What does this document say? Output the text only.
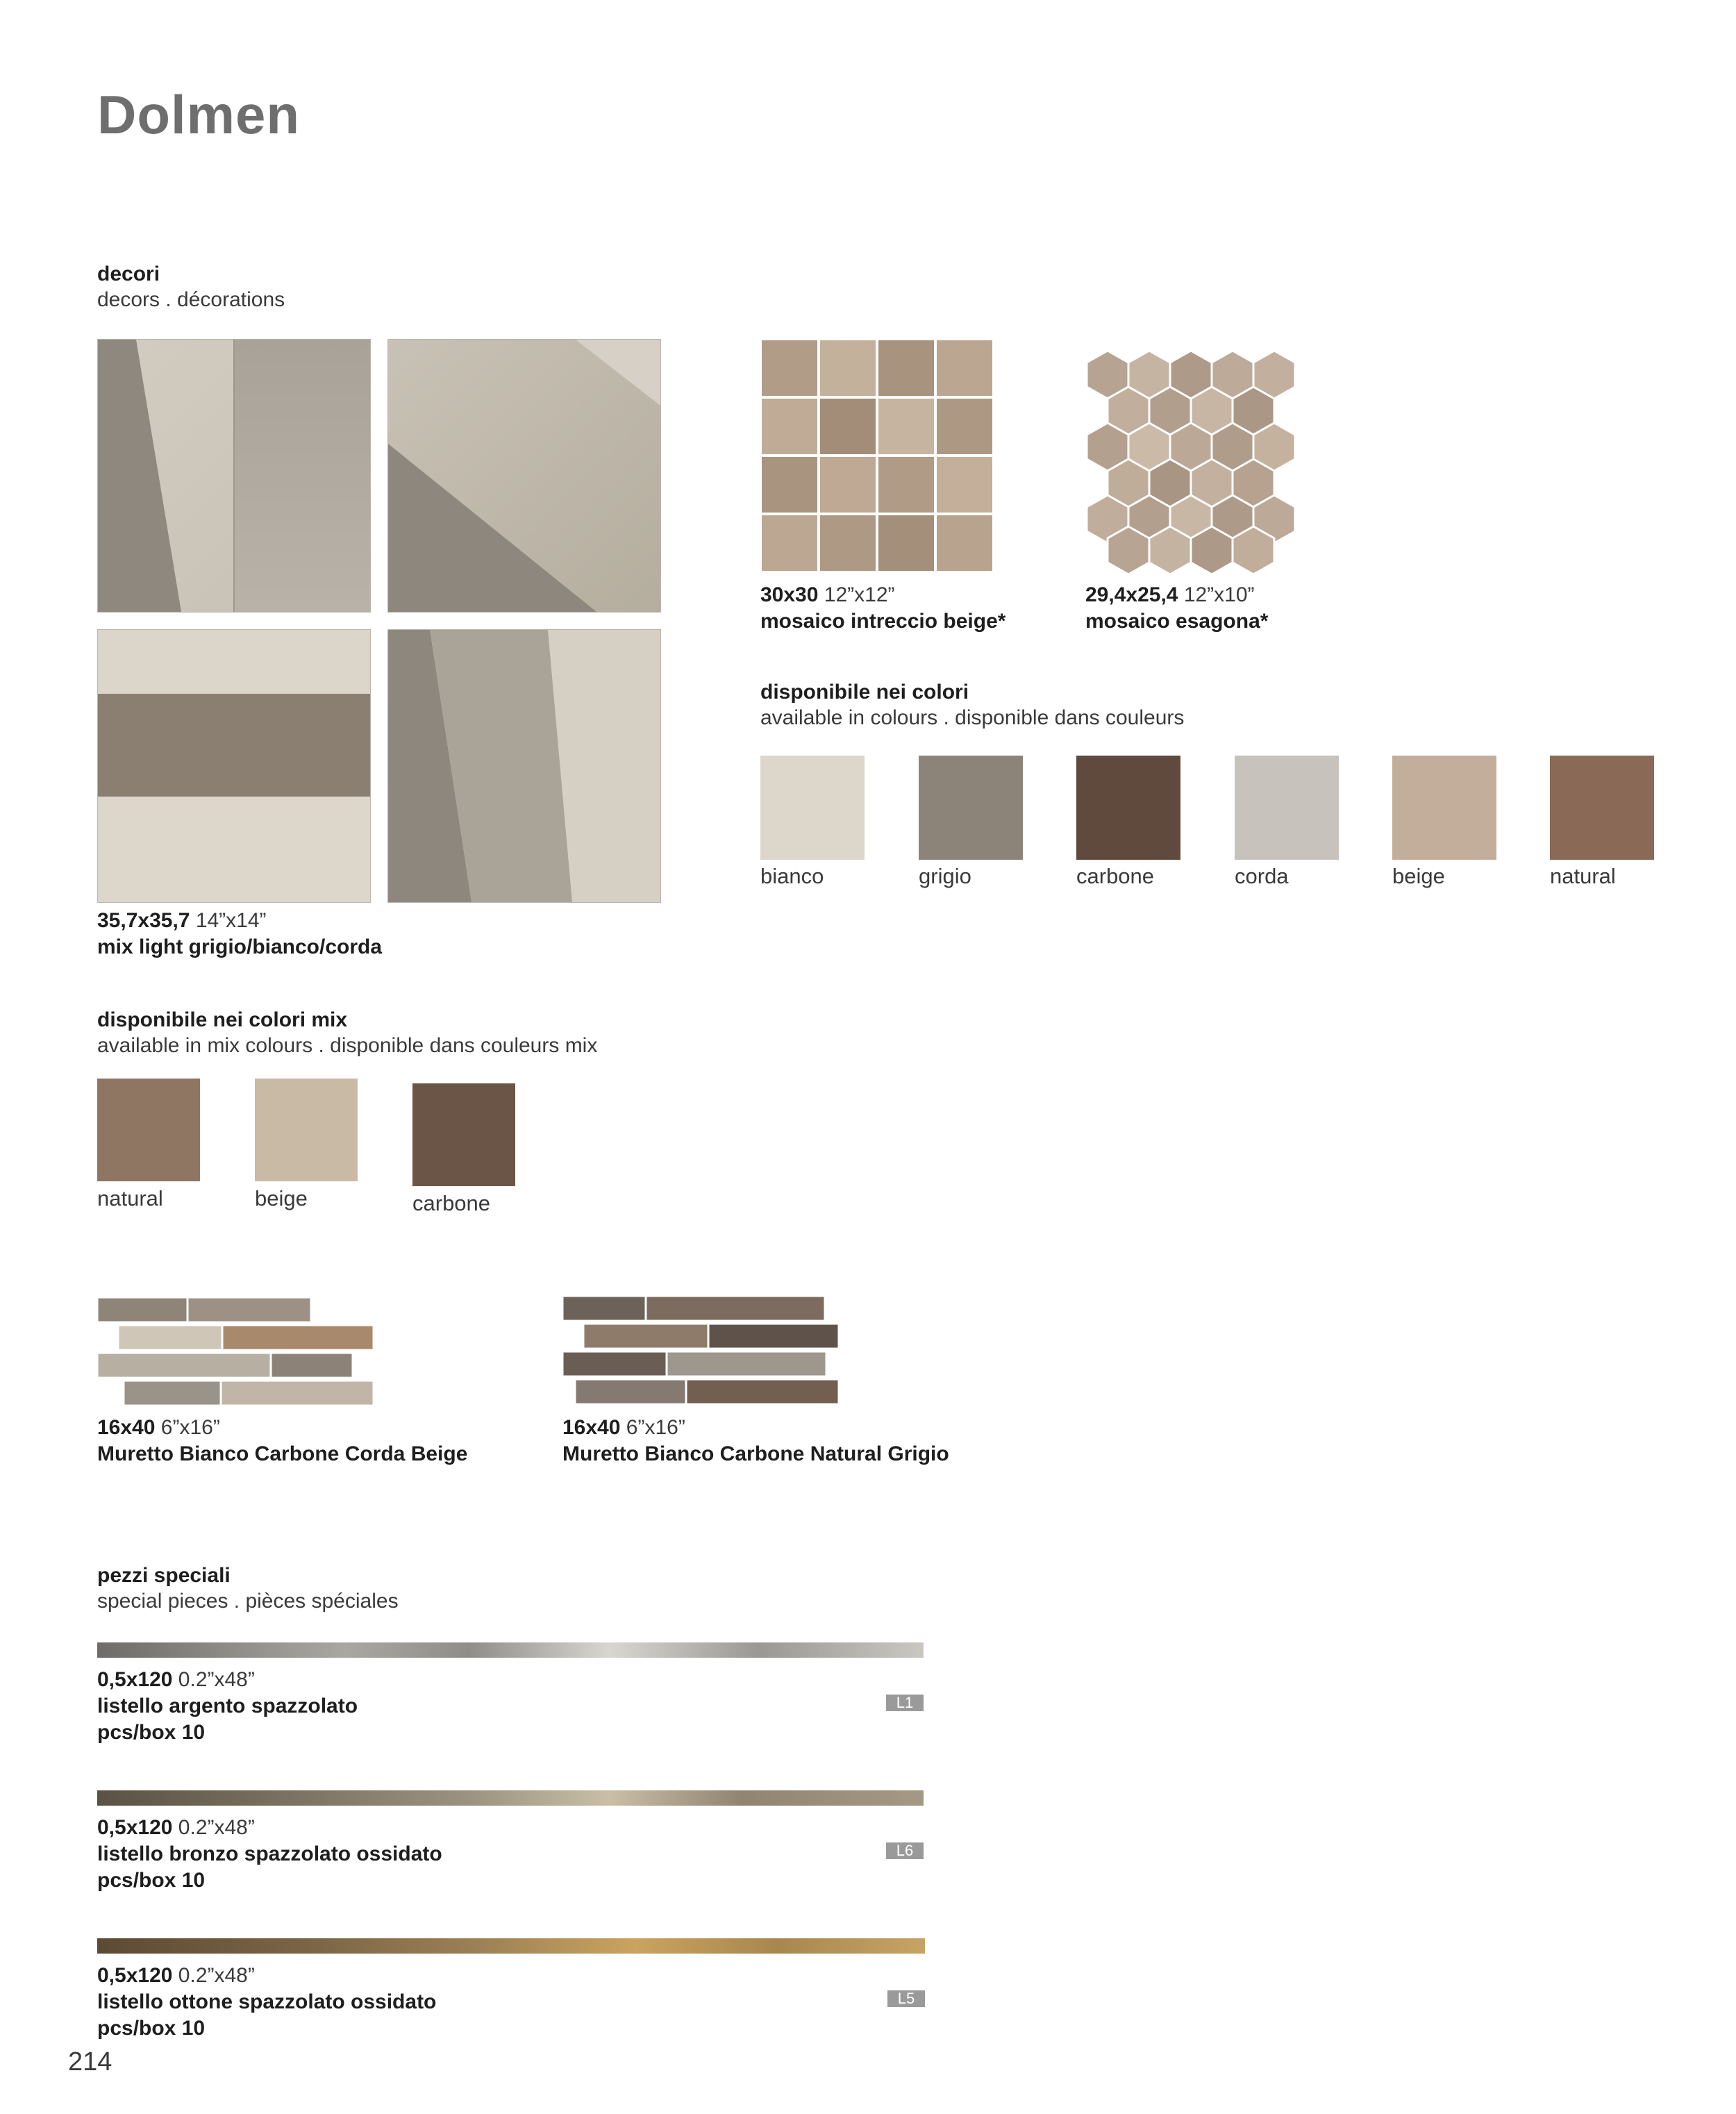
Dolmen
decori
decors . décorations
35,7x35,7 14”x14”
mix light grigio/bianco/corda
30x30 12”x12”
mosaico intreccio beige*
29,4x25,4 12”x10”
mosaico esagona*
disponibile nei colori
available in colours . disponible dans couleurs
bianco	grigio	carbone	corda	beige	natural
disponibile nei colori mix
available in mix colours . disponible dans couleurs mix
natural	beige	carbone
16x40 6”x16”
Muretto Bianco Carbone Corda Beige
16x40 6”x16”
Muretto Bianco Carbone Natural Grigio
pezzi speciali
special pieces . pièces spéciales
0,5x120 0.2”x48”
listello argento spazzolato
pcs/box 10
L1
0,5x120 0.2”x48”
listello bronzo spazzolato ossidato
pcs/box 10
L6
0,5x120 0.2”x48”
listello ottone spazzolato ossidato
pcs/box 10
L5
214
